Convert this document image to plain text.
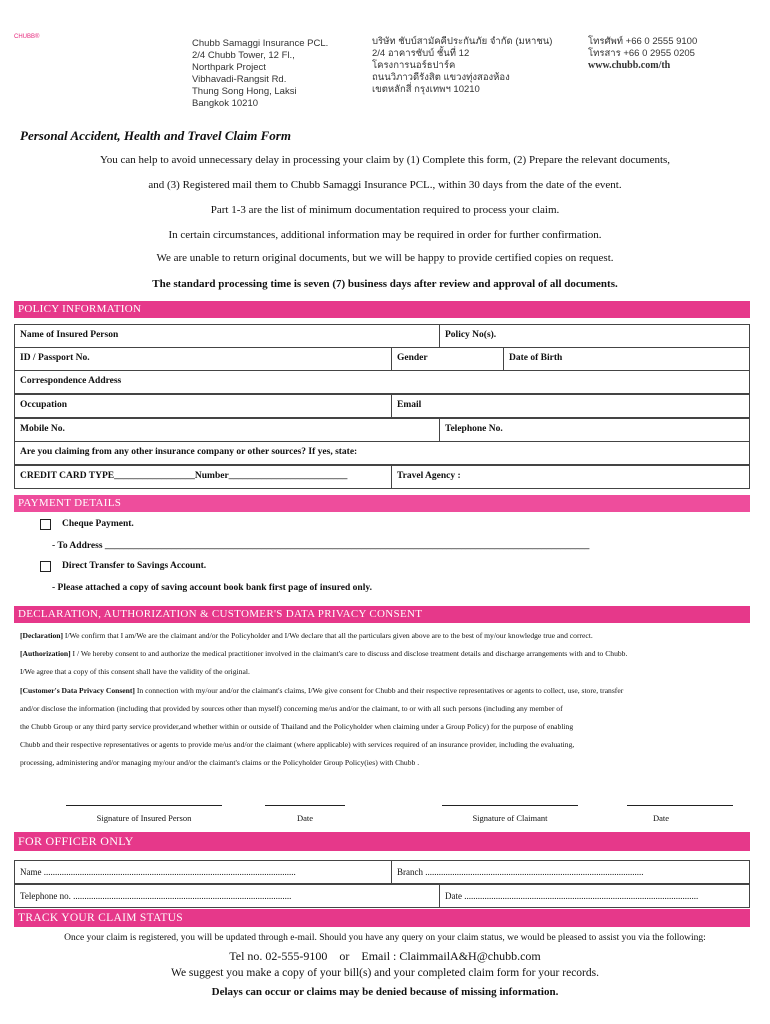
$^{CHUBB®}$
Chubb Samaggi Insurance PCL.
2/4 Chubb Tower, 12 Fl.,
Northpark Project
Vibhavadi-Rangsit Rd.
Thung Song Hong, Laksi
Bangkok 10210
บริษัท ชับบ์สามัคคีประกันภัย จำกัด (มหาชน)
2/4 อาคารชับบ์ ชั้นที่ 12
โครงการนอร์ธปาร์ค
ถนนวิภาวดีรังสิต แขวงทุ่งสองห้อง
เขตหลักสี่ กรุงเทพฯ 10210
โทรศัพท์ +66 0 2555 9100
โทรสาร +66 0 2955 0205
www.chubb.com/th
Personal Accident, Health and Travel Claim Form
You can help to avoid unnecessary delay in processing your claim by (1) Complete this form, (2) Prepare the relevant documents,
and (3) Registered mail them to Chubb Samaggi Insurance PCL., within 30 days from the date of the event.
Part 1-3 are the list of minimum documentation required to process your claim.
In certain circumstances, additional information may be required in order for further confirmation.
We are unable to return original documents, but we will be happy to provide certified copies on request.
The standard processing time is seven (7) business days after review and approval of all documents.
POLICY INFORMATION
Name of Insured Person	Policy No(s).
ID / Passport No.	Gender	Date of Birth
Correspondence Address
Occupation	Email
Mobile No.	Telephone No.
Are you claiming from any other insurance company or other sources? If yes, state:
CREDIT CARD TYPE_________________Number_________________________	Travel Agency :
PAYMENT DETAILS
Cheque Payment.
- To Address ______________________________________________________________________________________________________
Direct Transfer to Savings Account.
- Please attached a copy of saving account book bank first page of insured only.
DECLARATION, AUTHORIZATION & CUSTOMER'S DATA PRIVACY CONSENT
[Declaration] I/We confirm that I am/We are the claimant and/or the Policyholder and I/We declare that all the particulars given above are to the best of my/our knowledge true and correct.
[Authorization] I / We hereby consent to and authorize the medical practitioner involved in the claimant's care to discuss and disclose treatment details and discharge arrangements with and to Chubb.
I/We agree that a copy of this consent shall have the validity of the original.
[Customer's Data Privacy Consent] In connection with my/our and/or the claimant's claims, I/We give consent for Chubb and their respective representatives or agents to collect, use, store, transfer
and/or disclose the information (including that provided by sources other than myself) concerning me/us and/or the claimant, to or with all such persons (including any member of
the Chubb Group or any third party service provider,and whether within or outside of Thailand and the Policyholder when claiming under a Group Policy) for the purpose of enabling
Chubb and their respective representatives or agents to provide me/us and/or the claimant (where applicable) with services required of an insurance provider, including the evaluating,
processing, administering and/or managing my/our and/or the claimant's claims or the Policyholder Group Policy(ies) with Chubb .
Signature of Insured Person	Date	Signature of Claimant	Date
FOR OFFICER ONLY
Name ................................................................................................................	Branch .................................................................................................
Telephone no. .................................................................................................	Date ........................................................................................................
TRACK YOUR CLAIM STATUS
Once your claim is registered, you will be updated through e-mail. Should you have any query on your claim status, we would be pleased to assist you via the following:
Tel no. 02-555-9100    or    Email : ClaimmailA&H@chubb.com
We suggest you make a copy of your bill(s) and your completed claim form for your records.
Delays can occur or claims may be denied because of missing information.
